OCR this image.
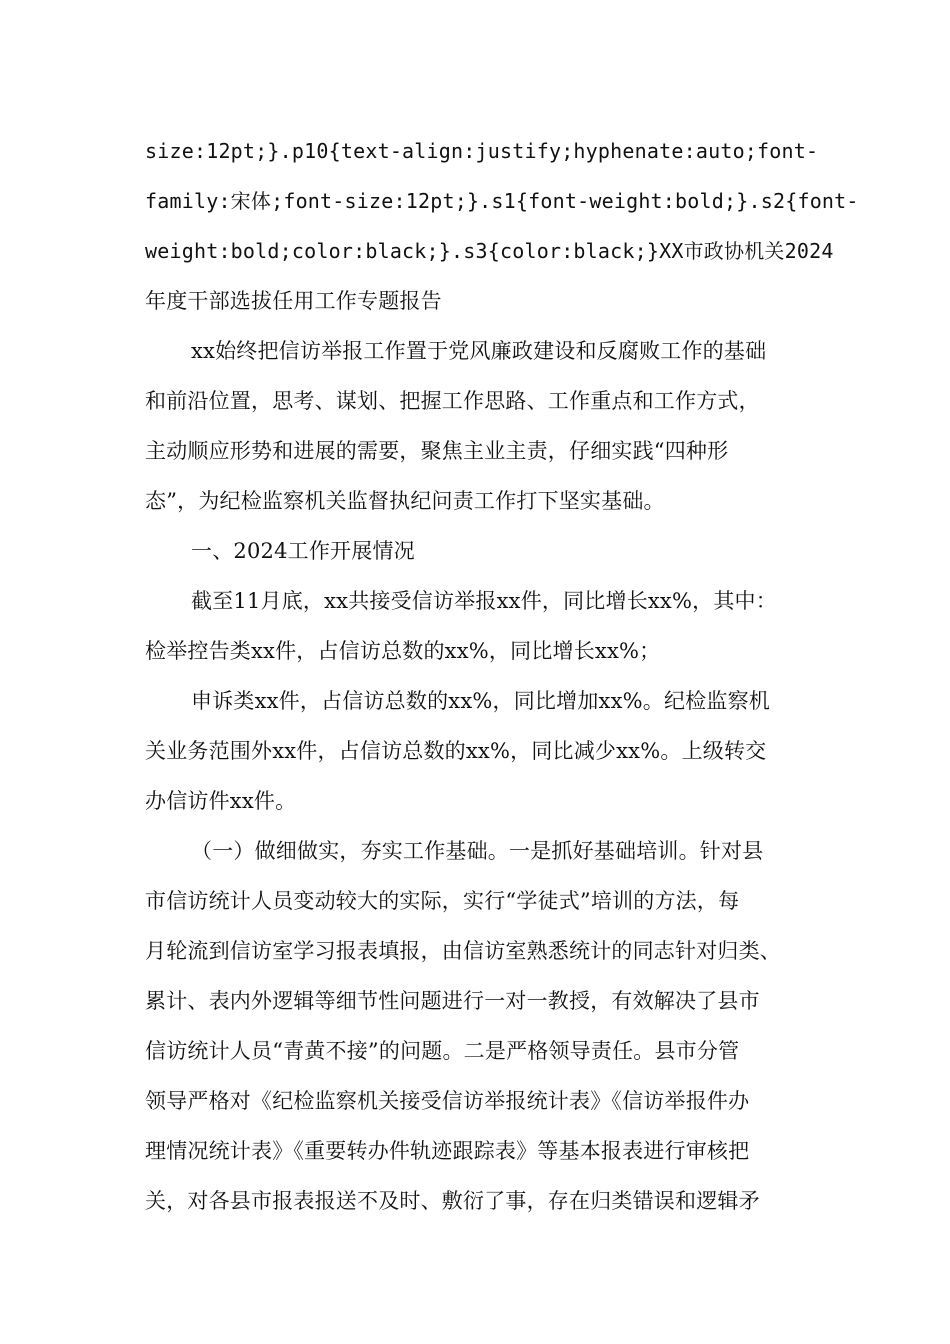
size:12pt;}.p10{text-align:justify;hyphenate:auto;font-
family:宋体;font-size:12pt;}.s1{font-weight:bold;}.s2{font-
weight:bold;color:black;}.s3{color:black;}XX市政协机关2024
年度干部选拔任用工作专题报告
xx始终把信访举报工作置于党风廉政建设和反腐败工作的基础
和前沿位置，思考、谋划、把握工作思路、工作重点和工作方式，
主动顺应形势和进展的需要，聚焦主业主责，仔细实践“四种形
态”，为纪检监察机关监督执纪问责工作打下坚实基础。
一、2024工作开展情况
截至11月底，xx共接受信访举报xx件，同比增长xx%，其中：
检举控告类xx件，占信访总数的xx%，同比增长xx%；
申诉类xx件，占信访总数的xx%，同比增加xx%。纪检监察机
关业务范围外xx件，占信访总数的xx%，同比减少xx%。上级转交
办信访件xx件。
（一）做细做实，夯实工作基础。一是抓好基础培训。针对县
市信访统计人员变动较大的实际，实行“学徒式”培训的方法，每
月轮流到信访室学习报表填报，由信访室熟悉统计的同志针对归类、
累计、表内外逻辑等细节性问题进行一对一教授，有效解决了县市
信访统计人员“青黄不接”的问题。二是严格领导责任。县市分管
领导严格对《纪检监察机关接受信访举报统计表》《信访举报件办
理情况统计表》《重要转办件轨迹跟踪表》等基本报表进行审核把
关，对各县市报表报送不及时、敷衍了事，存在归类错误和逻辑矛
